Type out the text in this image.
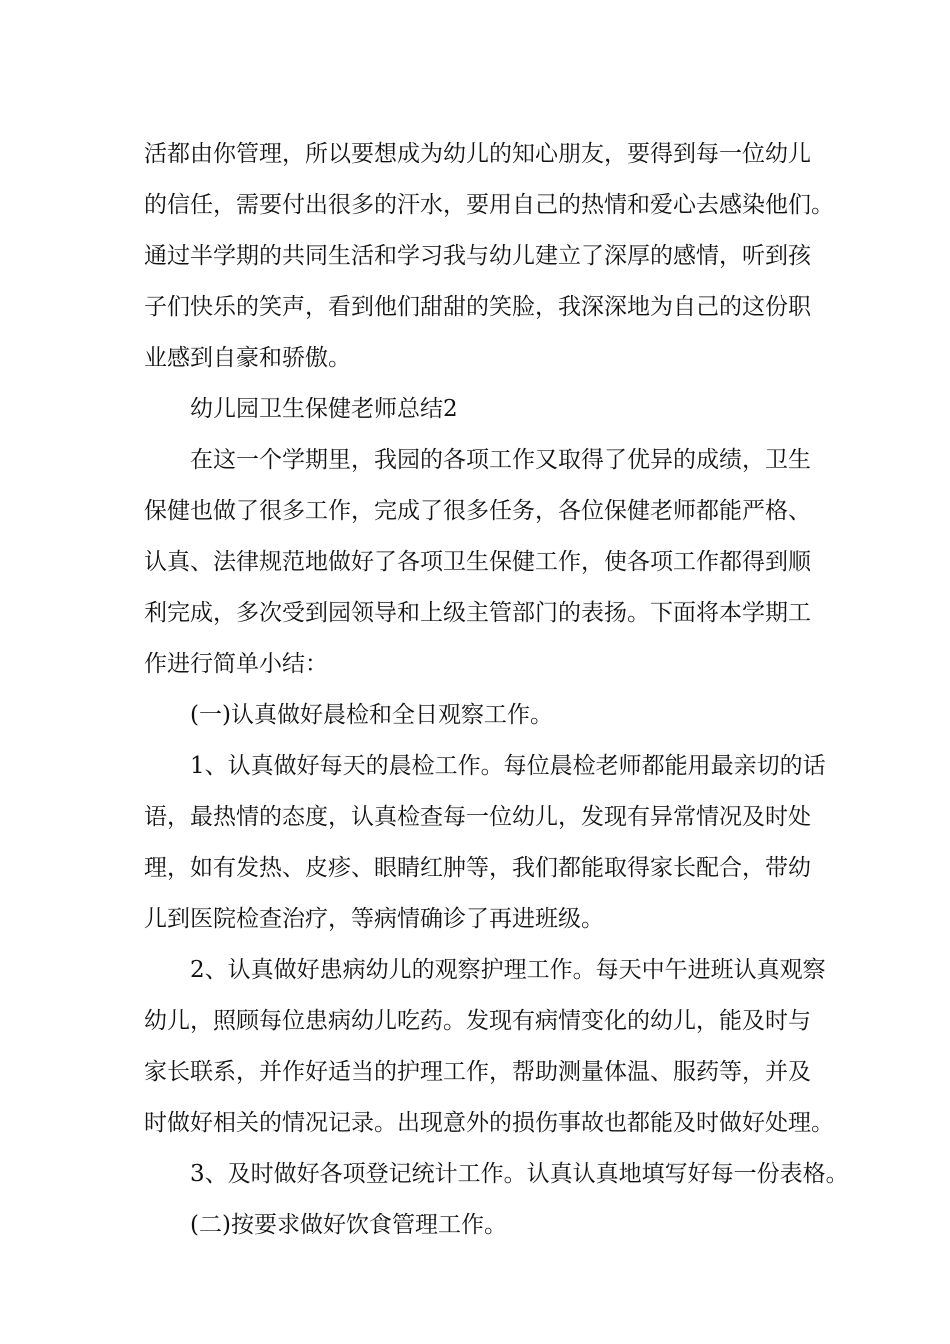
活都由你管理，所以要想成为幼儿的知心朋友，要得到每一位幼儿
的信任，需要付出很多的汗水，要用自己的热情和爱心去感染他们。
通过半学期的共同生活和学习我与幼儿建立了深厚的感情，听到孩
子们快乐的笑声，看到他们甜甜的笑脸，我深深地为自己的这份职
业感到自豪和骄傲。
幼儿园卫生保健老师总结2
在这一个学期里，我园的各项工作又取得了优异的成绩，卫生
保健也做了很多工作，完成了很多任务，各位保健老师都能严格、
认真、法律规范地做好了各项卫生保健工作，使各项工作都得到顺
利完成，多次受到园领导和上级主管部门的表扬。下面将本学期工
作进行简单小结：
(一)认真做好晨检和全日观察工作。
1、认真做好每天的晨检工作。每位晨检老师都能用最亲切的话
语，最热情的态度，认真检查每一位幼儿，发现有异常情况及时处
理，如有发热、皮疹、眼睛红肿等，我们都能取得家长配合，带幼
儿到医院检查治疗，等病情确诊了再进班级。
2、认真做好患病幼儿的观察护理工作。每天中午进班认真观察
幼儿，照顾每位患病幼儿吃药。发现有病情变化的幼儿，能及时与
家长联系，并作好适当的护理工作，帮助测量体温、服药等，并及
时做好相关的情况记录。出现意外的损伤事故也都能及时做好处理。
3、及时做好各项登记统计工作。认真认真地填写好每一份表格。
(二)按要求做好饮食管理工作。
